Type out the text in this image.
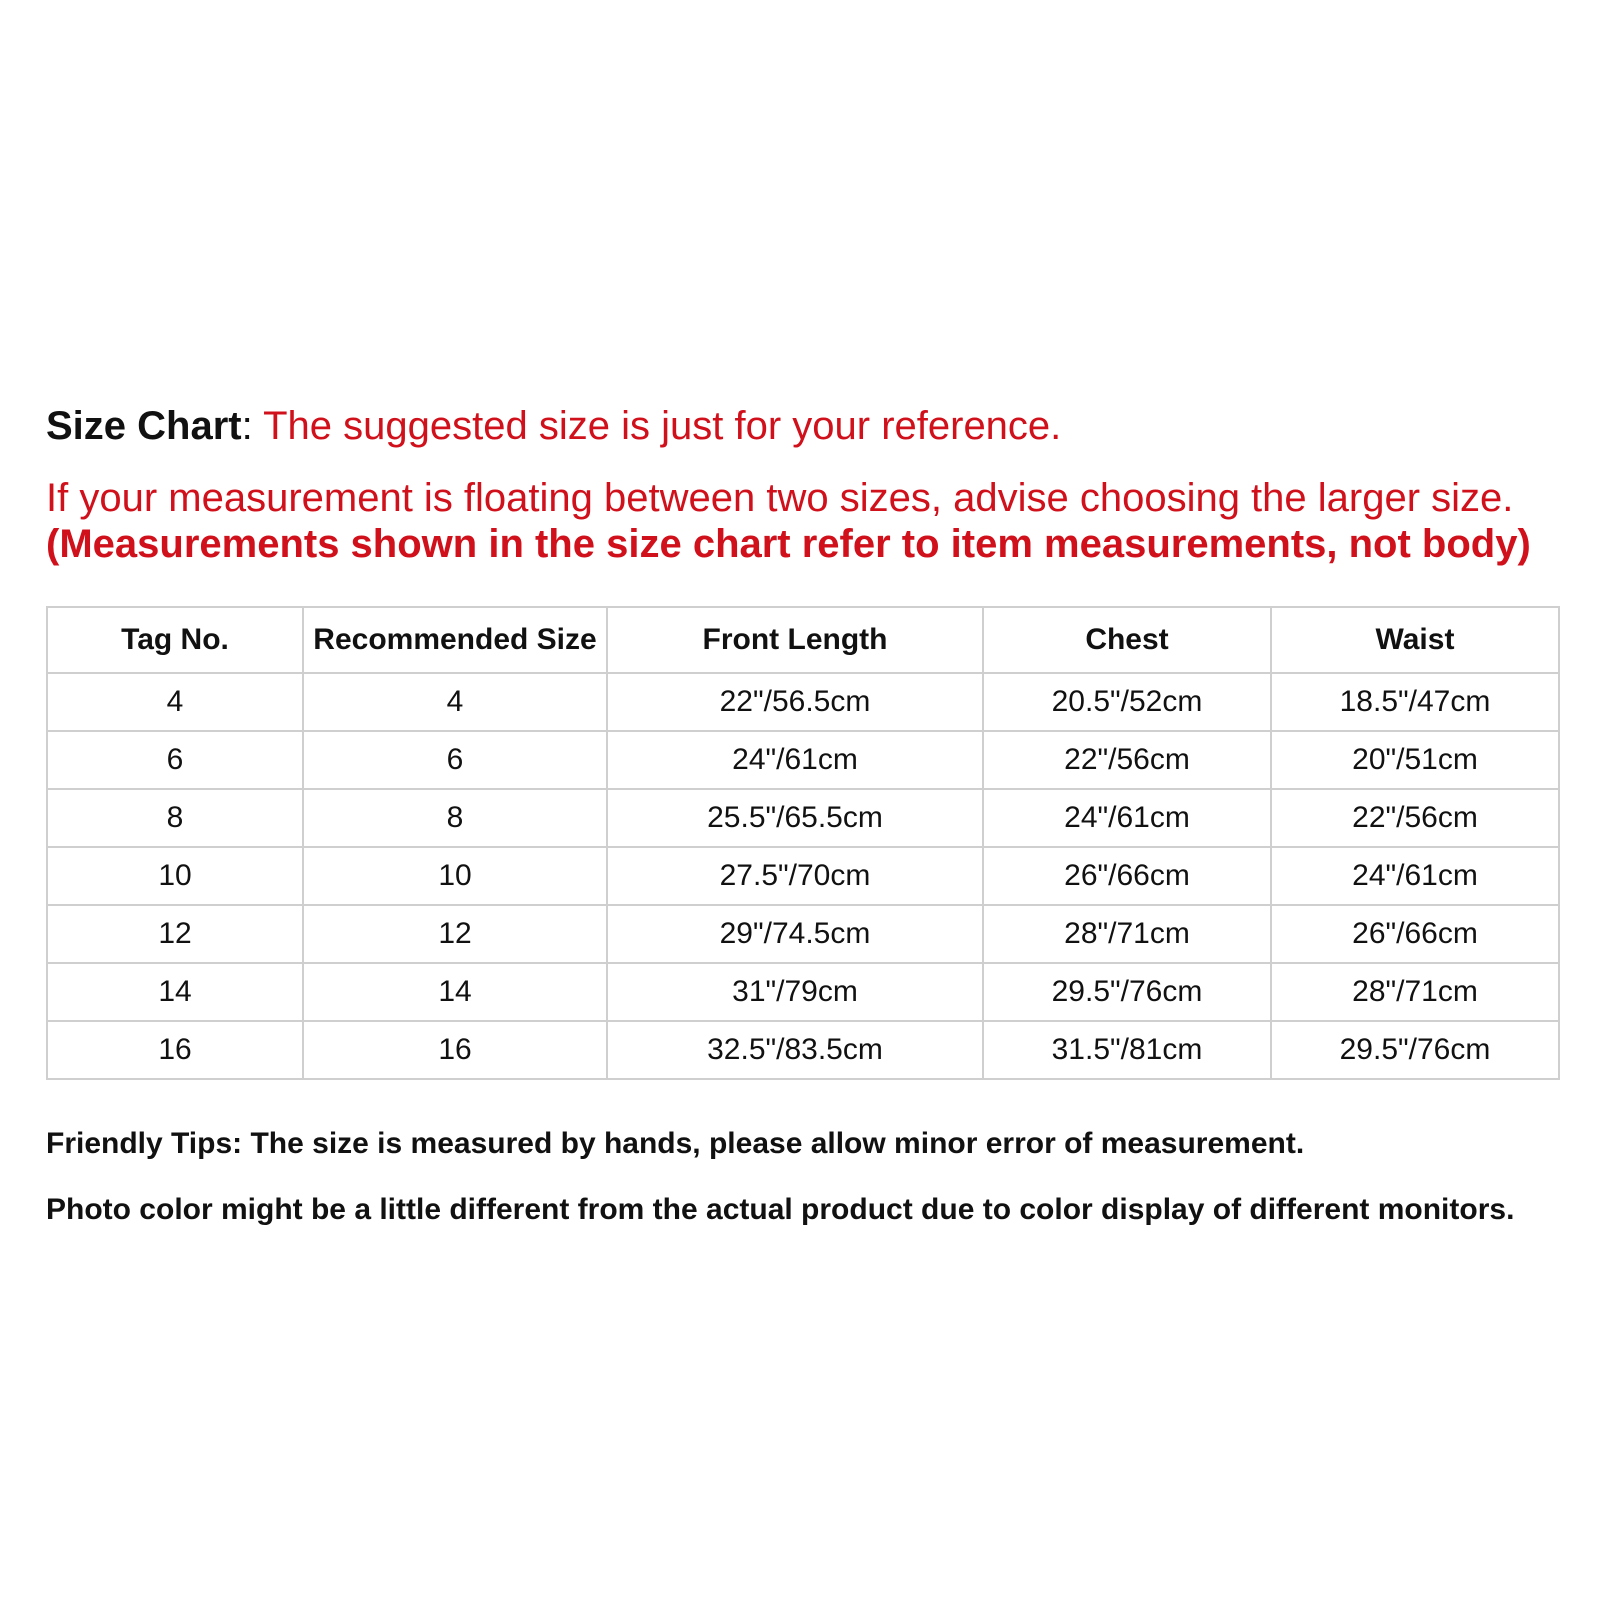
Size Chart: The suggested size is just for your reference.
If your measurement is floating between two sizes, advise choosing the larger size.
(Measurements shown in the size chart refer to item measurements, not body)
Tag No.	Recommended Size	Front Length	Chest	Waist
4	4	22"/56.5cm	20.5"/52cm	18.5"/47cm
6	6	24"/61cm	22"/56cm	20"/51cm
8	8	25.5"/65.5cm	24"/61cm	22"/56cm
10	10	27.5"/70cm	26"/66cm	24"/61cm
12	12	29"/74.5cm	28"/71cm	26"/66cm
14	14	31"/79cm	29.5"/76cm	28"/71cm
16	16	32.5"/83.5cm	31.5"/81cm	29.5"/76cm
Friendly Tips: The size is measured by hands, please allow minor error of measurement.
Photo color might be a little different from the actual product due to color display of different monitors.
